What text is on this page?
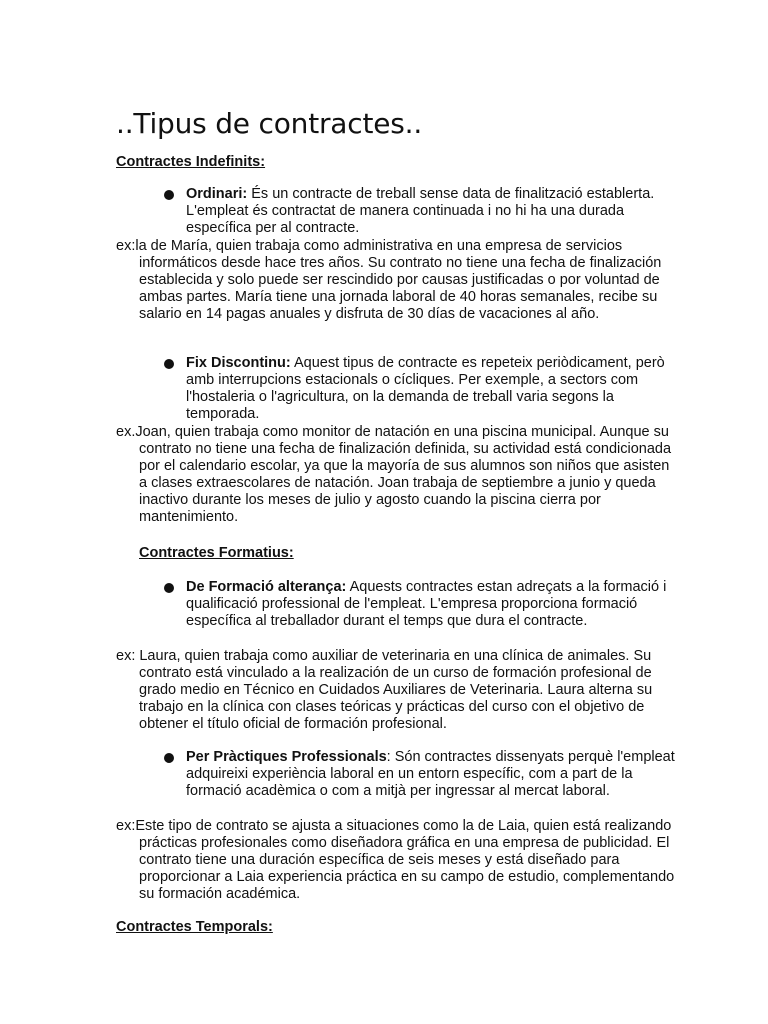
..Tipus de contractes..

Contractes Indefinits:

Ordinari: És un contracte de treball sense data de finalització establerta. L'empleat és contractat de manera continuada i no hi ha una durada específica per al contracte.

ex:la de María, quien trabaja como administrativa en una empresa de servicios informáticos desde hace tres años. Su contrato no tiene una fecha de finalización establecida y solo puede ser rescindido por causas justificadas o por voluntad de ambas partes. María tiene una jornada laboral de 40 horas semanales, recibe su salario en 14 pagas anuales y disfruta de 30 días de vacaciones al año.

Fix Discontinu: Aquest tipus de contracte es repeteix periòdicament, però amb interrupcions estacionals o cícliques. Per exemple, a sectors com l'hostaleria o l'agricultura, on la demanda de treball varia segons la temporada.

ex.Joan, quien trabaja como monitor de natación en una piscina municipal. Aunque su contrato no tiene una fecha de finalización definida, su actividad está condicionada por el calendario escolar, ya que la mayoría de sus alumnos son niños que asisten a clases extraescolares de natación. Joan trabaja de septiembre a junio y queda inactivo durante los meses de julio y agosto cuando la piscina cierra por mantenimiento.

Contractes Formatius:

De Formació alterança: Aquests contractes estan adreçats a la formació i qualificació professional de l'empleat. L'empresa proporciona formació específica al treballador durant el temps que dura el contracte.

ex: Laura, quien trabaja como auxiliar de veterinaria en una clínica de animales. Su contrato está vinculado a la realización de un curso de formación profesional de grado medio en Técnico en Cuidados Auxiliares de Veterinaria. Laura alterna su trabajo en la clínica con clases teóricas y prácticas del curso con el objetivo de obtener el título oficial de formación profesional.

Per Pràctiques Professionals: Són contractes dissenyats perquè l'empleat adquireixi experiència laboral en un entorn específic, com a part de la formació acadèmica o com a mitjà per ingressar al mercat laboral.

ex:Este tipo de contrato se ajusta a situaciones como la de Laia, quien está realizando prácticas profesionales como diseñadora gráfica en una empresa de publicidad. El contrato tiene una duración específica de seis meses y está diseñado para proporcionar a Laia experiencia práctica en su campo de estudio, complementando su formación académica.

Contractes Temporals:
